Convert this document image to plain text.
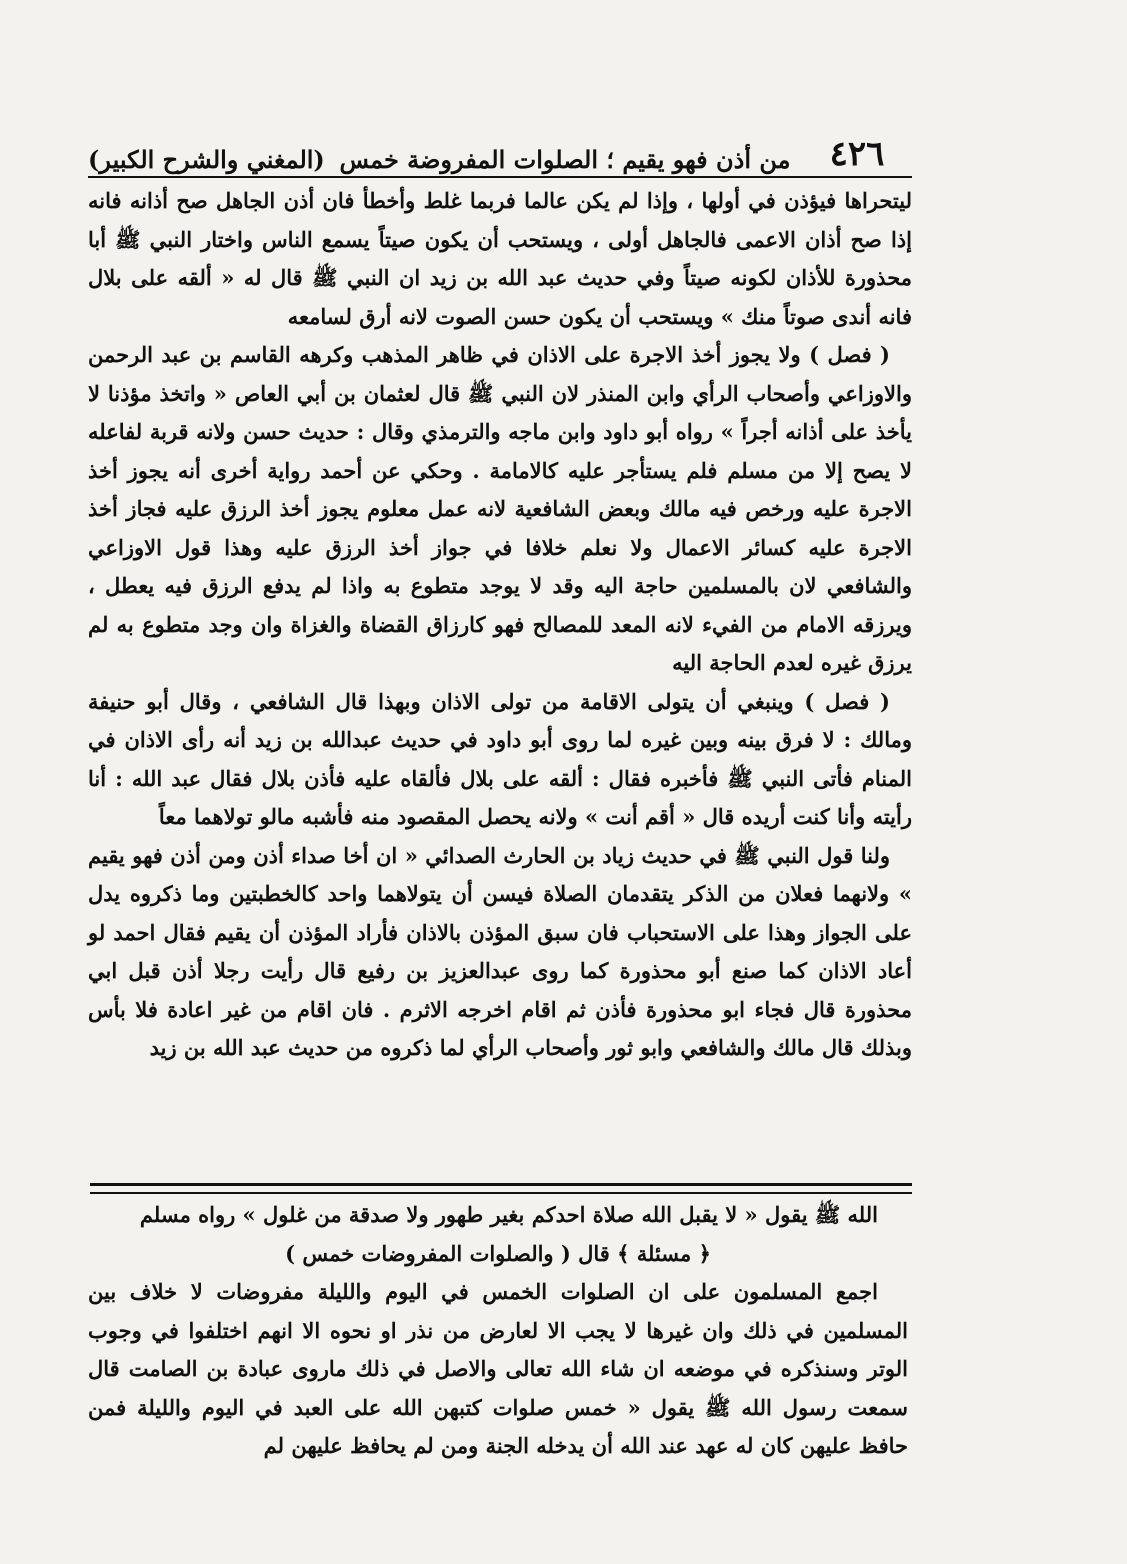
٤٢٦
من أذن فهو يقيم ؛ الصلوات المفروضة خمس
(المغني والشرح الكبير)

ليتحراها فيؤذن في أولها ، وإذا لم يكن عالما فربما غلط وأخطأ فان أذن الجاهل صح أذانه فانه إذا صح أذان الاعمى فالجاهل أولى ، ويستحب أن يكون صيتاً يسمع الناس واختار النبي ﷺ أبا محذورة للأذان لكونه صيتاً وفي حديث عبد الله بن زيد ان النبي ﷺ قال له « ألقه على بلال فانه أندى صوتاً منك » ويستحب أن يكون حسن الصوت لانه أرق لسامعه

( فصل ) ولا يجوز أخذ الاجرة على الاذان في ظاهر المذهب وكرهه القاسم بن عبد الرحمن والاوزاعي وأصحاب الرأي وابن المنذر لان النبي ﷺ قال لعثمان بن أبي العاص « واتخذ مؤذنا لا يأخذ على أذانه أجراً » رواه أبو داود وابن ماجه والترمذي وقال : حديث حسن ولانه قربة لفاعله لا يصح إلا من مسلم فلم يستأجر عليه كالامامة . وحكي عن أحمد رواية أخرى أنه يجوز أخذ الاجرة عليه ورخص فيه مالك وبعض الشافعية لانه عمل معلوم يجوز أخذ الرزق عليه فجاز أخذ الاجرة عليه كسائر الاعمال ولا نعلم خلافا في جواز أخذ الرزق عليه وهذا قول الاوزاعي والشافعي لان بالمسلمين حاجة اليه وقد لا يوجد متطوع به واذا لم يدفع الرزق فيه يعطل ، ويرزقه الامام من الفيء لانه المعد للمصالح فهو كارزاق القضاة والغزاة وان وجد متطوع به لم يرزق غيره لعدم الحاجة اليه

( فصل ) وينبغي أن يتولى الاقامة من تولى الاذان وبهذا قال الشافعي ، وقال أبو حنيفة ومالك : لا فرق بينه وبين غيره لما روى أبو داود في حديث عبدالله بن زيد أنه رأى الاذان في المنام فأتى النبي ﷺ فأخبره فقال : ألقه على بلال فألقاه عليه فأذن بلال فقال عبد الله : أنا رأيته وأنا كنت أريده قال « أقم أنت » ولانه يحصل المقصود منه فأشبه مالو تولاهما معاً

ولنا قول النبي ﷺ في حديث زياد بن الحارث الصدائي « ان أخا صداء أذن ومن أذن فهو يقيم » ولانهما فعلان من الذكر يتقدمان الصلاة فيسن أن يتولاهما واحد كالخطبتين وما ذكروه يدل على الجواز وهذا على الاستحباب فان سبق المؤذن بالاذان فأراد المؤذن أن يقيم فقال احمد لو أعاد الاذان كما صنع أبو محذورة كما روى عبدالعزيز بن رفيع قال رأيت رجلا أذن قبل ابي محذورة قال فجاء ابو محذورة فأذن ثم اقام اخرجه الاثرم . فان اقام من غير اعادة فلا بأس وبذلك قال مالك والشافعي وابو ثور وأصحاب الرأي لما ذكروه من حديث عبد الله بن زيد

الله ﷺ يقول « لا يقبل الله صلاة احدكم بغير طهور ولا صدقة من غلول » رواه مسلم

﴿ مسئلة ﴾ قال ( والصلوات المفروضات خمس )

اجمع المسلمون على ان الصلوات الخمس في اليوم والليلة مفروضات لا خلاف بين المسلمين في ذلك وان غيرها لا يجب الا لعارض من نذر او نحوه الا انهم اختلفوا في وجوب الوتر وسنذكره في موضعه ان شاء الله تعالى والاصل في ذلك ماروى عبادة بن الصامت قال سمعت رسول الله ﷺ يقول « خمس صلوات كتبهن الله على العبد في اليوم والليلة فمن حافظ عليهن كان له عهد عند الله أن يدخله الجنة ومن لم يحافظ عليهن لم
